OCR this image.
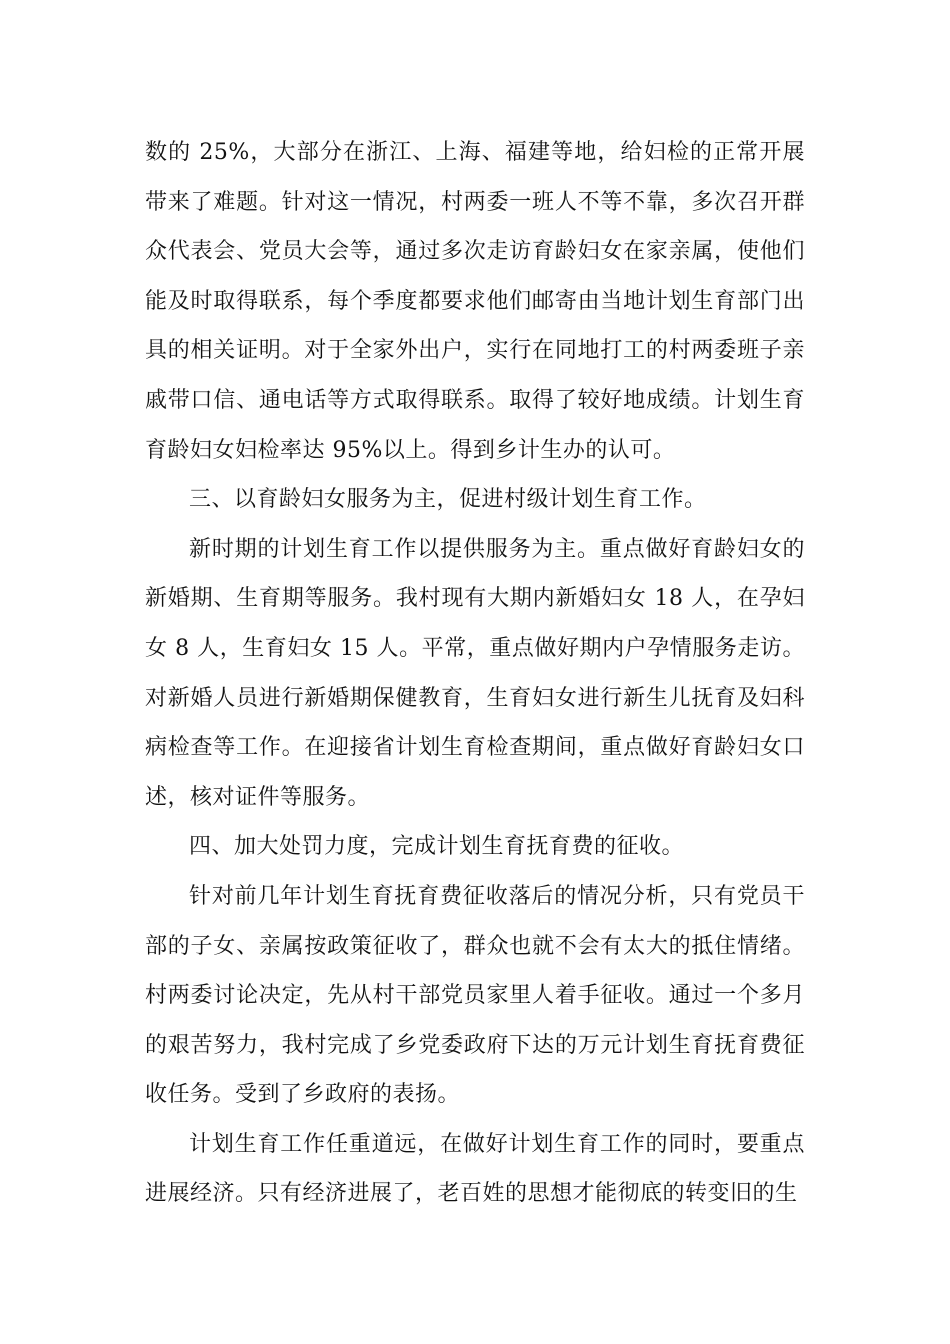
数的 25%，大部分在浙江、上海、福建等地，给妇检的正常开展带来了难题。针对这一情况，村两委一班人不等不靠，多次召开群众代表会、党员大会等，通过多次走访育龄妇女在家亲属，使他们能及时取得联系，每个季度都要求他们邮寄由当地计划生育部门出具的相关证明。对于全家外出户，实行在同地打工的村两委班子亲戚带口信、通电话等方式取得联系。取得了较好地成绩。计划生育育龄妇女妇检率达 95%以上。得到乡计生办的认可。

三、以育龄妇女服务为主，促进村级计划生育工作。

新时期的计划生育工作以提供服务为主。重点做好育龄妇女的新婚期、生育期等服务。我村现有大期内新婚妇女 18 人，在孕妇女 8 人，生育妇女 15 人。平常，重点做好期内户孕情服务走访。对新婚人员进行新婚期保健教育，生育妇女进行新生儿抚育及妇科病检查等工作。在迎接省计划生育检查期间，重点做好育龄妇女口述，核对证件等服务。

四、加大处罚力度，完成计划生育抚育费的征收。

针对前几年计划生育抚育费征收落后的情况分析，只有党员干部的子女、亲属按政策征收了，群众也就不会有太大的抵住情绪。村两委讨论决定，先从村干部党员家里人着手征收。通过一个多月的艰苦努力，我村完成了乡党委政府下达的万元计划生育抚育费征收任务。受到了乡政府的表扬。

计划生育工作任重道远，在做好计划生育工作的同时，要重点进展经济。只有经济进展了，老百姓的思想才能彻底的转变旧的生
